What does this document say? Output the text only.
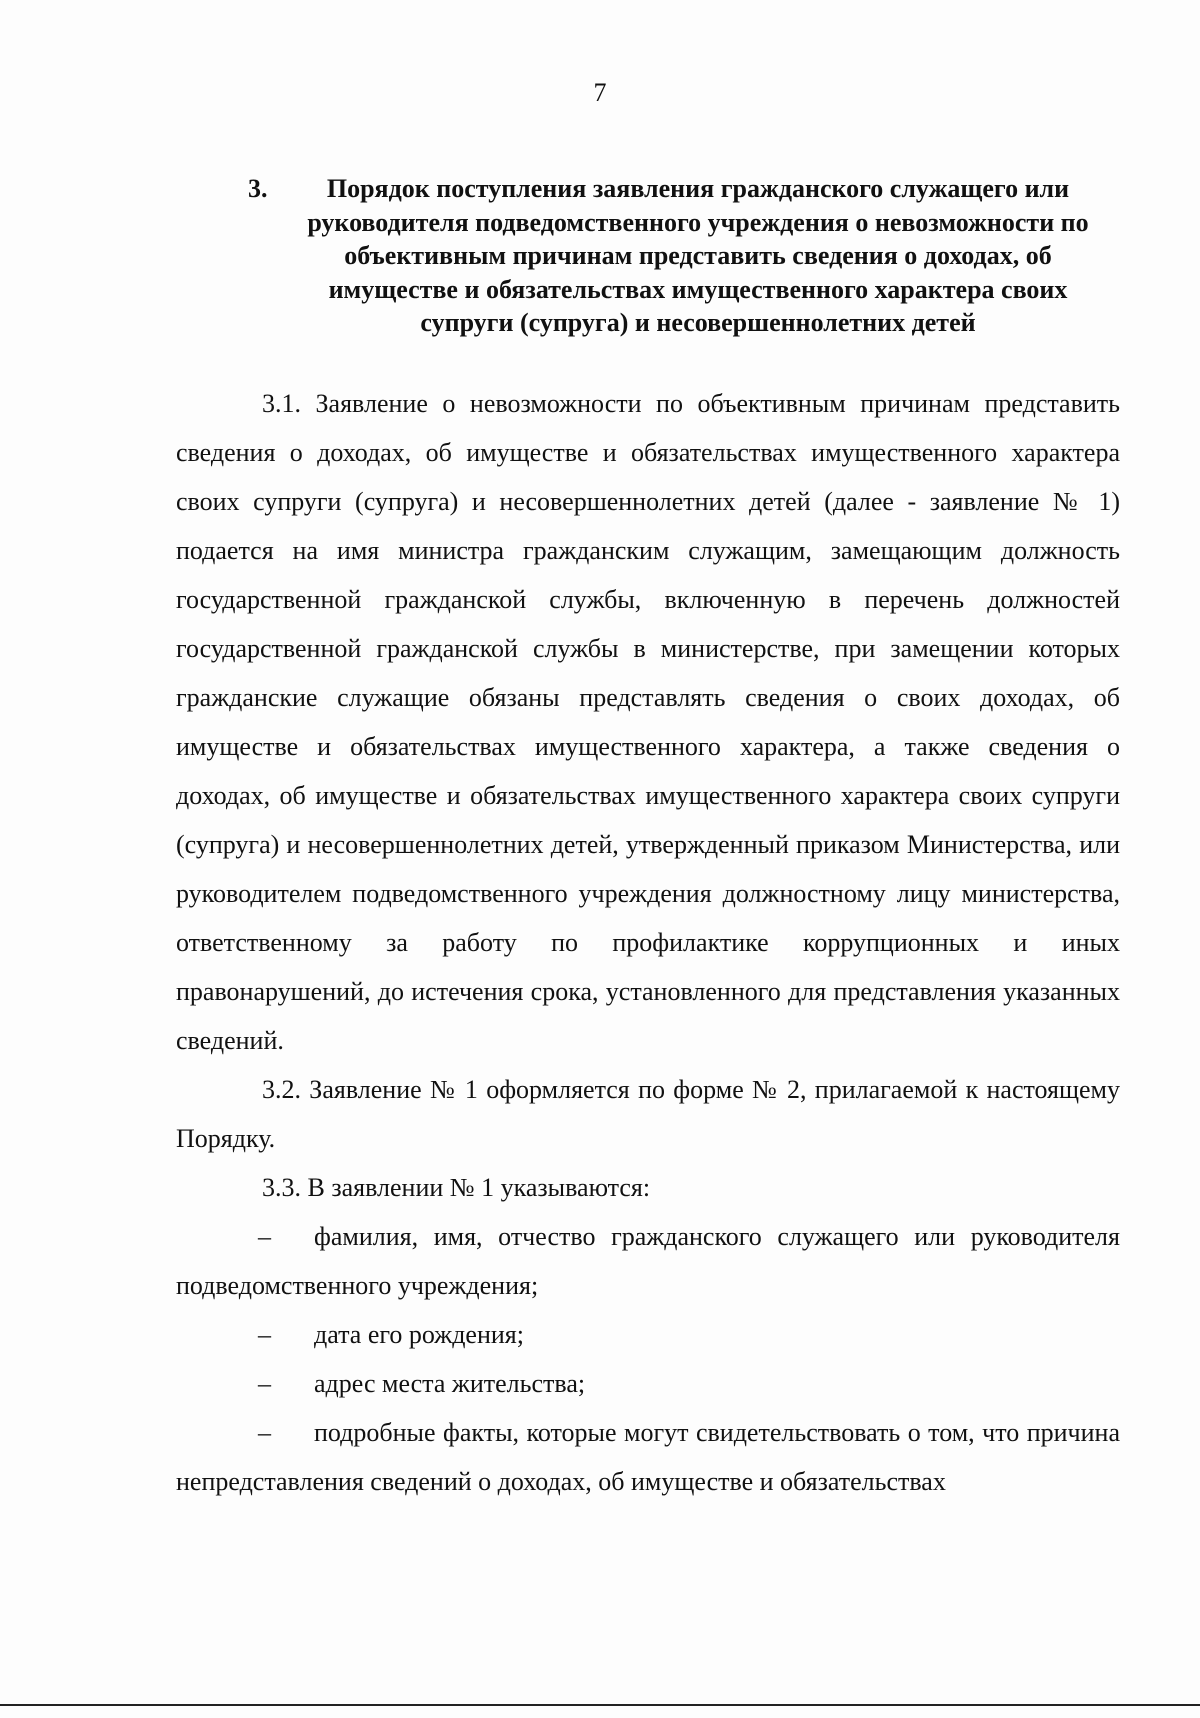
7
3.	Порядок поступления заявления гражданского служащего или руководителя подведомственного учреждения о невозможности по объективным причинам представить сведения о доходах, об имуществе и обязательствах имущественного характера своих супруги (супруга) и несовершеннолетних детей

3.1. Заявление о невозможности по объективным причинам представить сведения о доходах, об имуществе и обязательствах имущественного характера своих супруги (супруга) и несовершеннолетних детей (далее - заявление № 1) подается на имя министра гражданским служащим, замещающим должность государственной гражданской службы, включенную в перечень должностей государственной гражданской службы в министерстве, при замещении которых гражданские служащие обязаны представлять сведения о своих доходах, об имуществе и обязательствах имущественного характера, а также сведения о доходах, об имуществе и обязательствах имущественного характера своих супруги (супруга) и несовершеннолетних детей, утвержденный приказом Министерства, или руководителем подведомственного учреждения должностному лицу министерства, ответственному за работу по профилактике коррупционных и иных правонарушений, до истечения срока, установленного для представления указанных сведений.

3.2. Заявление № 1 оформляется по форме № 2, прилагаемой к настоящему Порядку.

3.3. В заявлении № 1 указываются:

– фамилия, имя, отчество гражданского служащего или руководителя подведомственного учреждения;

– дата его рождения;

– адрес места жительства;

– подробные факты, которые могут свидетельствовать о том, что причина непредставления сведений о доходах, об имуществе и обязательствах
